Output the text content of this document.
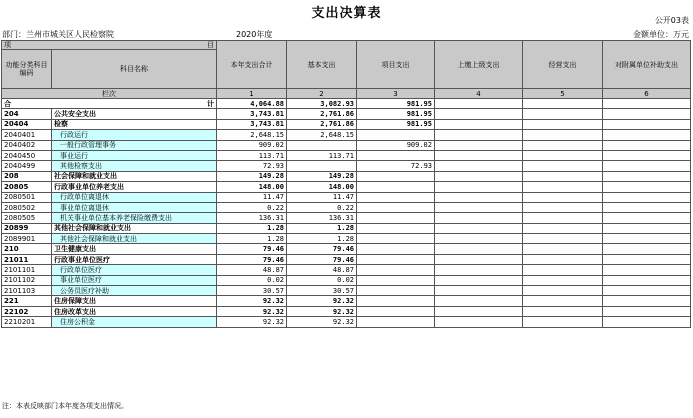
支出决算表	公开03表
部门：兰州市城关区人民检察院	2020年度	金额单位：万元
项 目		本年支出合计	基本支出	项目支出	上缴上级支出	经营支出	对附属单位补助支出
功能分类科目编码	科目名称						
栏次		1	2	3	4	5	6
合 计		4,064.88	3,082.93	981.95			
204	公共安全支出	3,743.81	2,761.86	981.95			
20404	检察	3,743.81	2,761.86	981.95			
2040401	行政运行	2,648.15	2,648.15				
2040402	一般行政管理事务	909.02		909.02			
2040450	事业运行	113.71	113.71				
2040499	其他检察支出	72.93		72.93			
208	社会保障和就业支出	149.28	149.28				
20805	行政事业单位养老支出	148.00	148.00				
2080501	行政单位离退休	11.47	11.47				
2080502	事业单位离退休	0.22	0.22				
2080505	机关事业单位基本养老保险缴费支出	136.31	136.31				
20899	其他社会保障和就业支出	1.28	1.28				
2089901	其他社会保障和就业支出	1.28	1.28				
210	卫生健康支出	79.46	79.46				
21011	行政事业单位医疗	79.46	79.46				
2101101	行政单位医疗	48.87	48.87				
2101102	事业单位医疗	0.02	0.02				
2101103	公务员医疗补助	30.57	30.57				
221	住房保障支出	92.32	92.32				
22102	住房改革支出	92.32	92.32				
2210201	住房公积金	92.32	92.32				
注：本表反映部门本年度各项支出情况。
